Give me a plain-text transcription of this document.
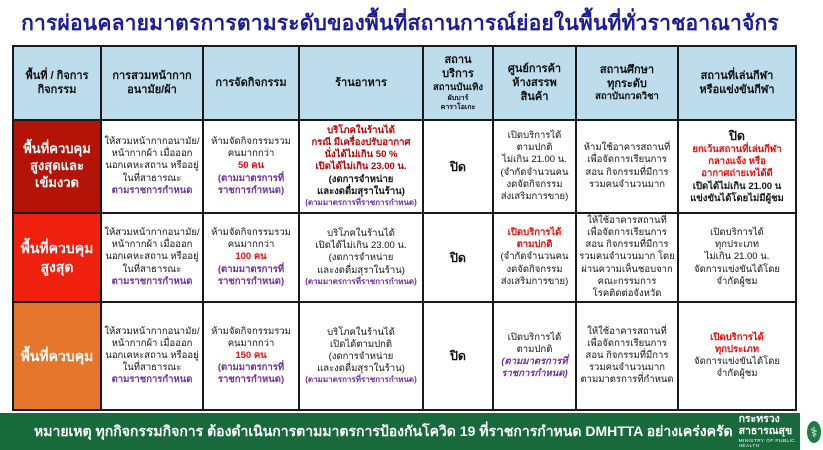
การผ่อนคลายมาตรการตามระดับของพื้นที่สถานการณ์ย่อยในพื้นที่ทั่วราชอาณาจักร
พื้นที่ / กิจการ
กิจกรรม
การสวมหน้ากาก
อนามัย/ผ้า
การจัดกิจกรรม	ร้านอาหาร
สถาน
บริการ
สถานบันเทิง
ผับบาร์
คาราโอเกะ
ศูนย์การค้า
ห้างสรรพ
สินค้า
สถานศึกษา
ทุกระดับ
สถาบันกวดวิชา
สถานที่เล่นกีฬา
หรือแข่งขันกีฬา
พื้นที่ควบคุม
สูงสุดและ
เข้มงวด
ให้สวมหน้ากากอนามัย/
หน้ากากผ้า เมื่อออก
นอกเคหะสถาน หรืออยู่
ในที่สาธารณะ
ตามราชการกำหนด
ห้ามจัดกิจกรรมรวม
คนมากกว่า
50 คน
(ตามมาตรการที่
ราชการกำหนด)
บริโภคในร้านได้
กรณี มีเครื่องปรับอากาศ
นั่งได้ไม่เกิน 50 %
เปิดได้ไม่เกิน 23.00 น.
(งดการจำหน่าย
และงดดื่มสุราในร้าน)
(ตามมาตรการที่ราชการกำหนด)
ปิด
เปิดบริการได้
ตามปกติ
ไม่เกิน 21.00 น.
(จำกัดจำนวนคน
งดจัดกิจกรรม
ส่งเสริมการขาย)
ห้ามใช้อาคารสถานที่
เพื่อจัดการเรียนการ
สอน กิจกรรมที่มีการ
รวมคนจำนวนมาก
ปิด
ยกเว้นสถานที่เล่นกีฬา
กลางแจ้ง หรือ
อากาศถ่ายเทได้ดี
เปิดได้ไม่เกิน 21.00 น
แข่งขันได้โดยไม่มีผู้ชม
พื้นที่ควบคุม
สูงสุด
ให้สวมหน้ากากอนามัย/
หน้ากากผ้า เมื่อออก
นอกเคหะสถาน หรืออยู่
ในที่สาธารณะ
ตามราชการกำหนด
ห้ามจัดกิจกรรมรวม
คนมากกว่า
100 คน
(ตามมาตรการที่
ราชการกำหนด)
บริโภคในร้านได้
เปิดได้ไม่เกิน 23.00 น.
(งดการจำหน่าย
และงดดื่มสุราในร้าน)
(ตามมาตรการที่ราชการกำหนด)
ปิด
เปิดบริการได้
ตามปกติ
(จำกัดจำนวนคน
งดจัดกิจกรรม
ส่งเสริมการขาย)
ให้ใช้อาคารสถานที่
เพื่อจัดการเรียนการ
สอน กิจกรรมที่มีการ
รวมคนจำนวนมาก โดย
ผ่านความเห็นชอบจาก
คณะกรรมการ
โรคติดต่อจังหวัด
เปิดบริการได้
ทุกประเภท
ไม่เกิน 21.00 น.
จัดการแข่งขันได้โดย
จำกัดผู้ชม
พื้นที่ควบคุม
ให้สวมหน้ากากอนามัย/
หน้ากากผ้า เมื่อออก
นอกเคหะสถาน หรืออยู่
ในที่สาธารณะ
ตามราชการกำหนด
ห้ามจัดกิจกรรมรวม
คนมากกว่า
150 คน
(ตามมาตรการที่
ราชการกำหนด)
บริโภคในร้านได้
เปิดได้ตามปกติ
(งดการจำหน่าย
และงดดื่มสุราในร้าน)
(ตามมาตรการที่ราชการกำหนด)
ปิด
เปิดบริการได้
ตามปกติ
(ตามมาตรการที่
ราชการกำหนด)
ให้ใช้อาคารสถานที่
เพื่อจัดการเรียนการ
สอน กิจกรรมที่มีการ
รวมคนจำนวนมาก
ตามมาตรการที่กำหนด
เปิดบริการได้
ทุกประเภท
จัดการแข่งขันได้โดย
จำกัดผู้ชม
หมายเหตุ ทุกกิจกรรมกิจการ ต้องดำเนินการตามมาตรการป้องกันโควิด 19 ที่ราชการกำหนด DMHTTA อย่างเคร่งครัด
กระทรวงสาธารณสุข
MINISTRY OF PUBLIC HEALTH
⚕
